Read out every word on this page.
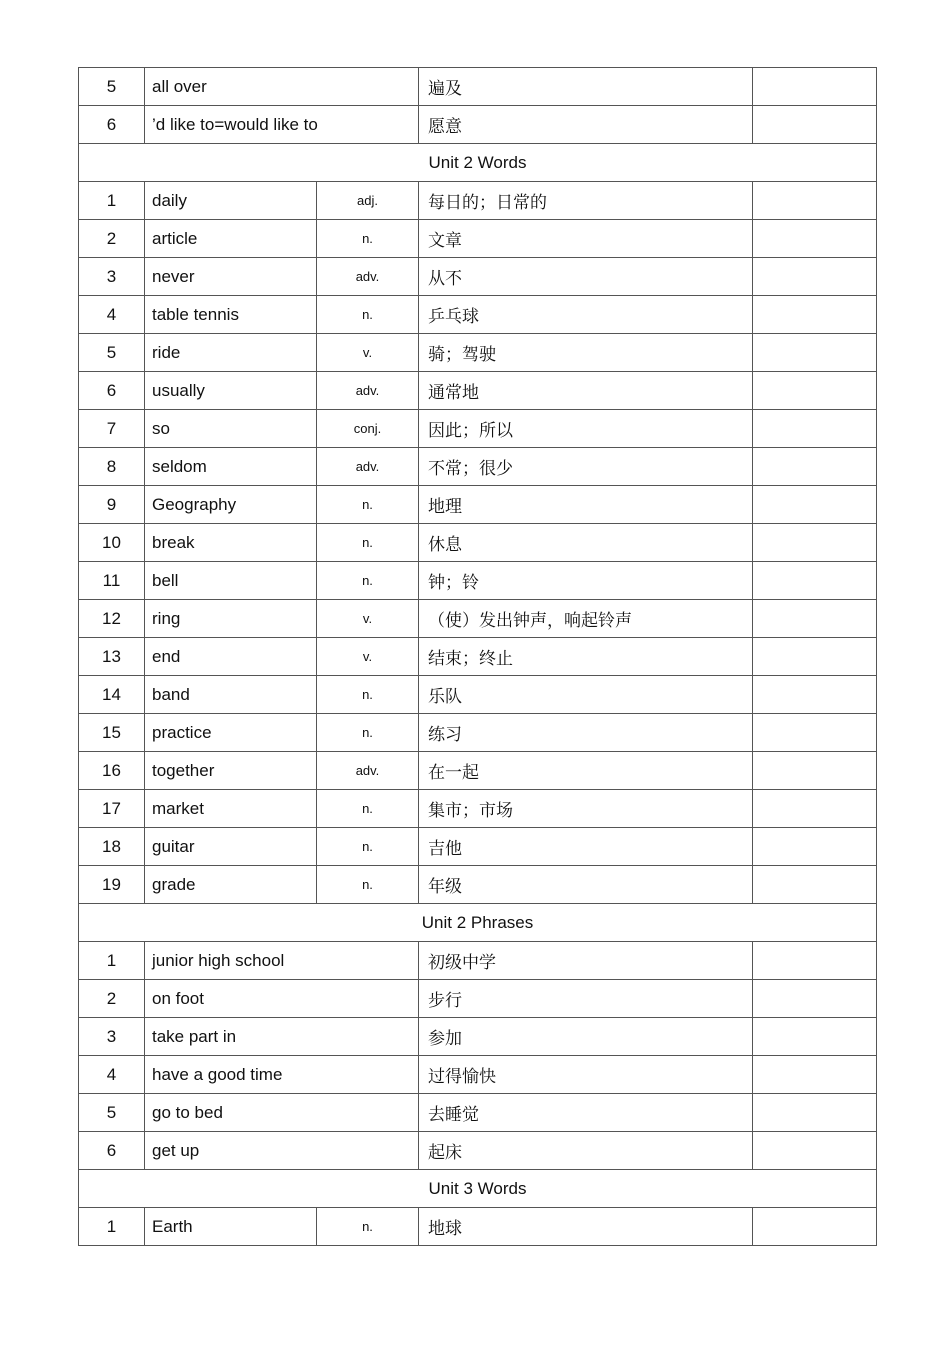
5	all over		遍及	
6	’d like to=would like to		愿意	
Unit 2 Words				
1	daily	adj.	每日的；日常的	
2	article	n.	文章	
3	never	adv.	从不	
4	table tennis	n.	乒乓球	
5	ride	v.	骑；驾驶	
6	usually	adv.	通常地	
7	so	conj.	因此；所以	
8	seldom	adv.	不常；很少	
9	Geography	n.	地理	
10	break	n.	休息	
11	bell	n.	钟；铃	
12	ring	v.	（使）发出钟声，响起铃声	
13	end	v.	结束；终止	
14	band	n.	乐队	
15	practice	n.	练习	
16	together	adv.	在一起	
17	market	n.	集市；市场	
18	guitar	n.	吉他	
19	grade	n.	年级	
Unit 2 Phrases				
1	junior high school		初级中学	
2	on foot		步行	
3	take part in		参加	
4	have a good time		过得愉快	
5	go to bed		去睡觉	
6	get up		起床	
Unit 3 Words				
1	Earth	n.	地球	
